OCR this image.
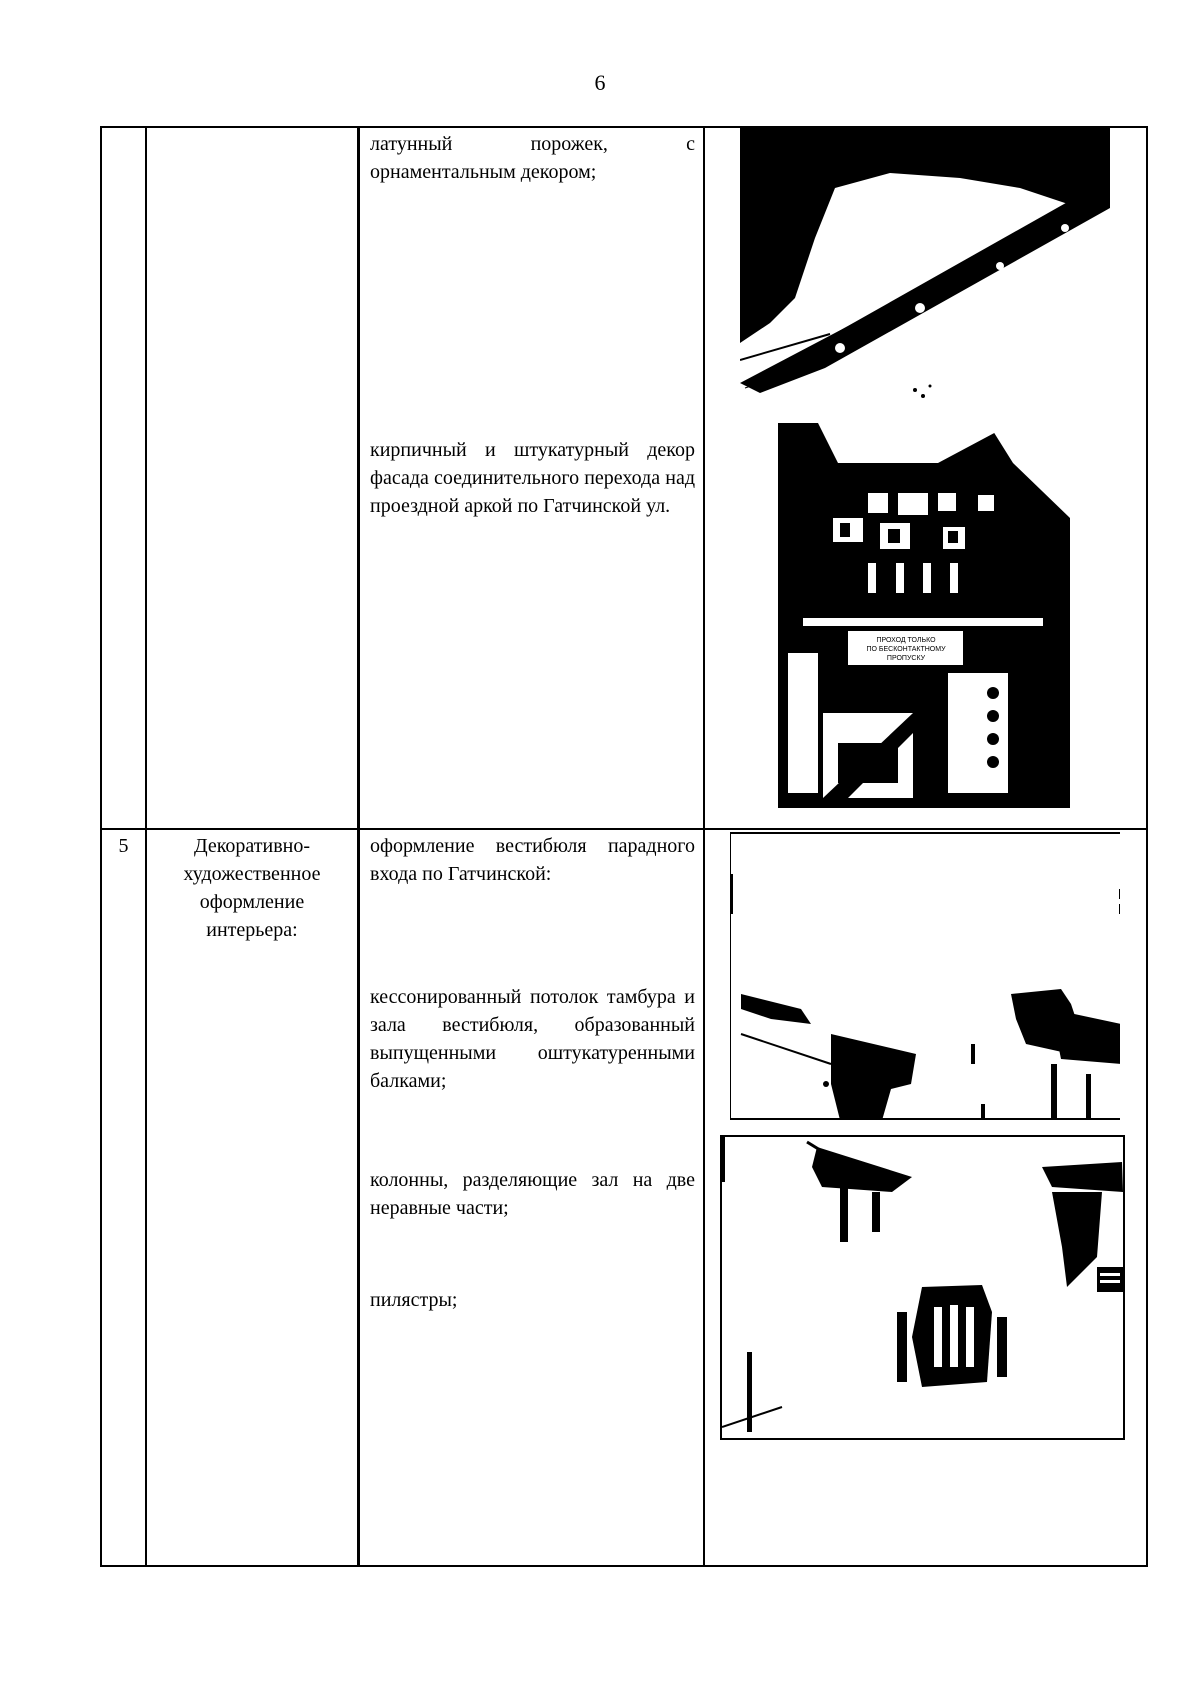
6
латунный порожек, с орнаментальным декором;
кирпичный и штукатурный декор фасада соединительного перехода над проездной аркой по Гатчинской ул.
5	Декоративно-художественное оформление интерьера:
оформление вестибюля парадного входа по Гатчинской:
кессонированный потолок тамбура и зала вестибюля, образованный выпущенными оштукатуренными балками;
колонны, разделяющие зал на две неравные части;
пилястры;
ПРОХОД ТОЛЬКО
ПО БЕСКОНТАКТНОМУ
ПРОПУСКУ
